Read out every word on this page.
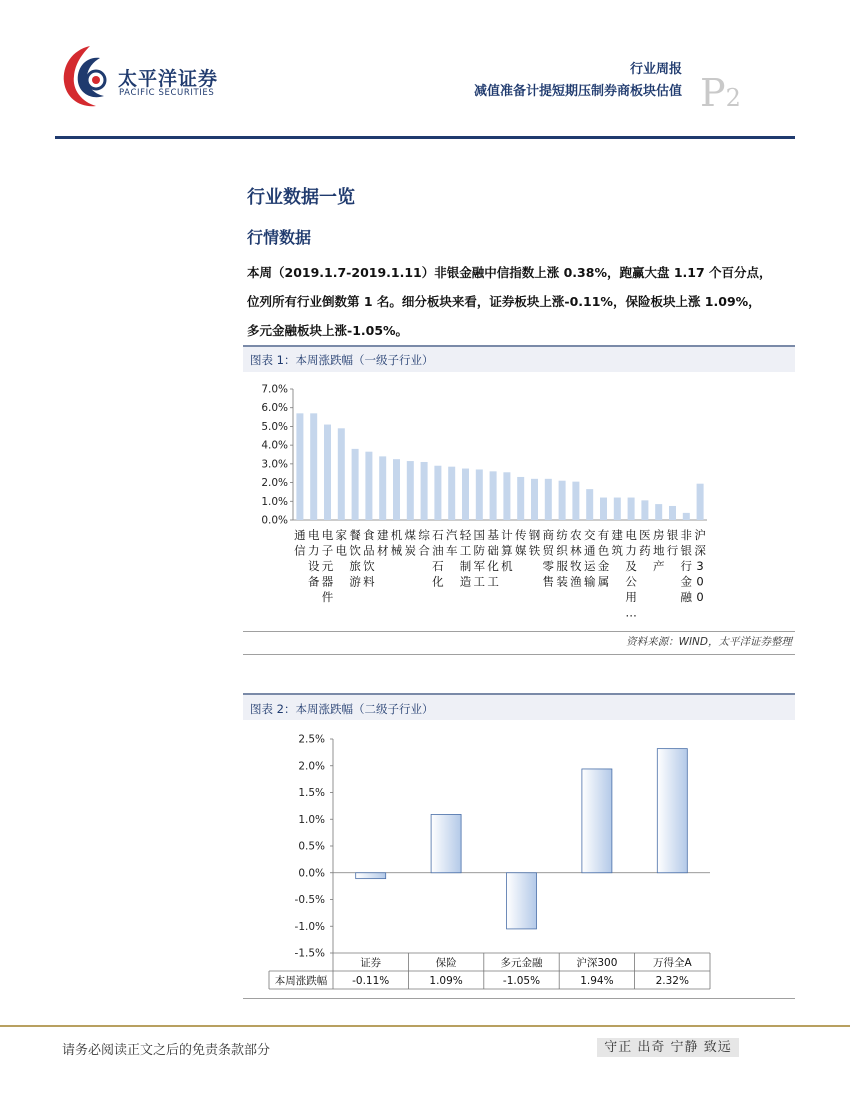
太平洋证券
PACIFIC SECURITIES
行业周报
减值准备计提短期压制券商板块估值 P2
行业数据一览
行情数据
本周（2019.1.7-2019.1.11）非银金融中信指数上涨 0.38%，跑赢大盘 1.17 个百分点，
位列所有行业倒数第 1 名。细分板块来看，证券板块上涨-0.11%，保险板块上涨 1.09%，
多元金融板块上涨-1.05%。
图表 1：本周涨跌幅（一级子行业）
0.0%
1.0%
2.0%
3.0%
4.0%
5.0%
6.0%
7.0%
通
信
电
力
设
备
电
子
元
器
件
家
电
餐
饮
旅
游
食
品
饮
料
建
材
机
械
煤
炭
综
合
石
油
石
化
汽
车
轻
工
制
造
国
防
军
工
基
础
化
工
计
算
机
传
媒
钢
铁
商
贸
零
售
纺
织
服
装
农
林
牧
渔
交
通
运
输
有
色
金
属
建
筑
电
力
及
公
用
…
医
药
房
地
产
银
行
非
银
行
金
融
沪
深
3
0
0
资料来源：WIND，太平洋证券整理
图表 2：本周涨跌幅（二级子行业）
-1.5%
-1.0%
-0.5%
0.0%
0.5%
1.0%
1.5%
2.0%
2.5%
证券
-0.11%
保险
1.09%
多元金融
-1.05%
沪深300
1.94%
万得全A
2.32%
本周涨跌幅
请务必阅读正文之后的免责条款部分	守正 出奇 宁静 致远
